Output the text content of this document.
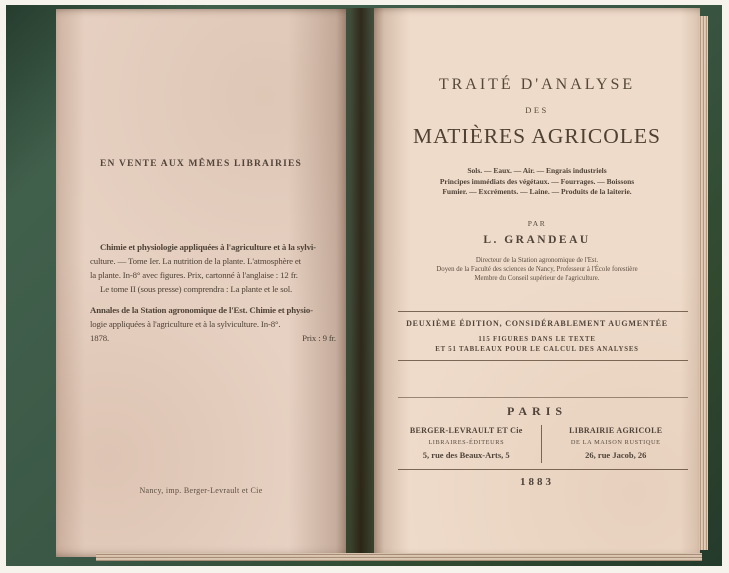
EN VENTE AUX MÊMES LIBRAIRIES

Chimie et physiologie appliquées à l'agriculture et à la sylvi-

culture. — Tome Ier. La nutrition de la plante. L'atmosphère et

la plante. In-8° avec figures. Prix, cartonné à l'anglaise : 12 fr.

Le tome II (sous presse) comprendra : La plante et le sol.

Annales de la Station agronomique de l'Est. Chimie et physio-

logie appliquées à l'agriculture et à la sylviculture. In-8°.

1878.	Prix : 9 fr.

Nancy, imp. Berger-Levrault et Cie
TRAITÉ D'ANALYSE
DES
MATIÈRES AGRICOLES

Sols. — Eaux. — Air. — Engrais industriels

Principes immédiats des végétaux. — Fourrages. — Boissons

Fumier. — Excréments. — Laine. — Produits de la laiterie.

PAR
L. GRANDEAU

Directeur de la Station agronomique de l'Est.

Doyen de la Faculté des sciences de Nancy, Professeur à l'École forestière

Membre du Conseil supérieur de l'agriculture.

DEUXIÈME ÉDITION, CONSIDÉRABLEMENT AUGMENTÉE
115 FIGURES DANS LE TEXTE
ET 51 TABLEAUX POUR LE CALCUL DES ANALYSES
PARIS

BERGER-LEVRAULT ET Cie

LIBRAIRES-ÉDITEURS

5, rue des Beaux-Arts, 5

LIBRAIRIE AGRICOLE

DE LA MAISON RUSTIQUE

26, rue Jacob, 26

1883
